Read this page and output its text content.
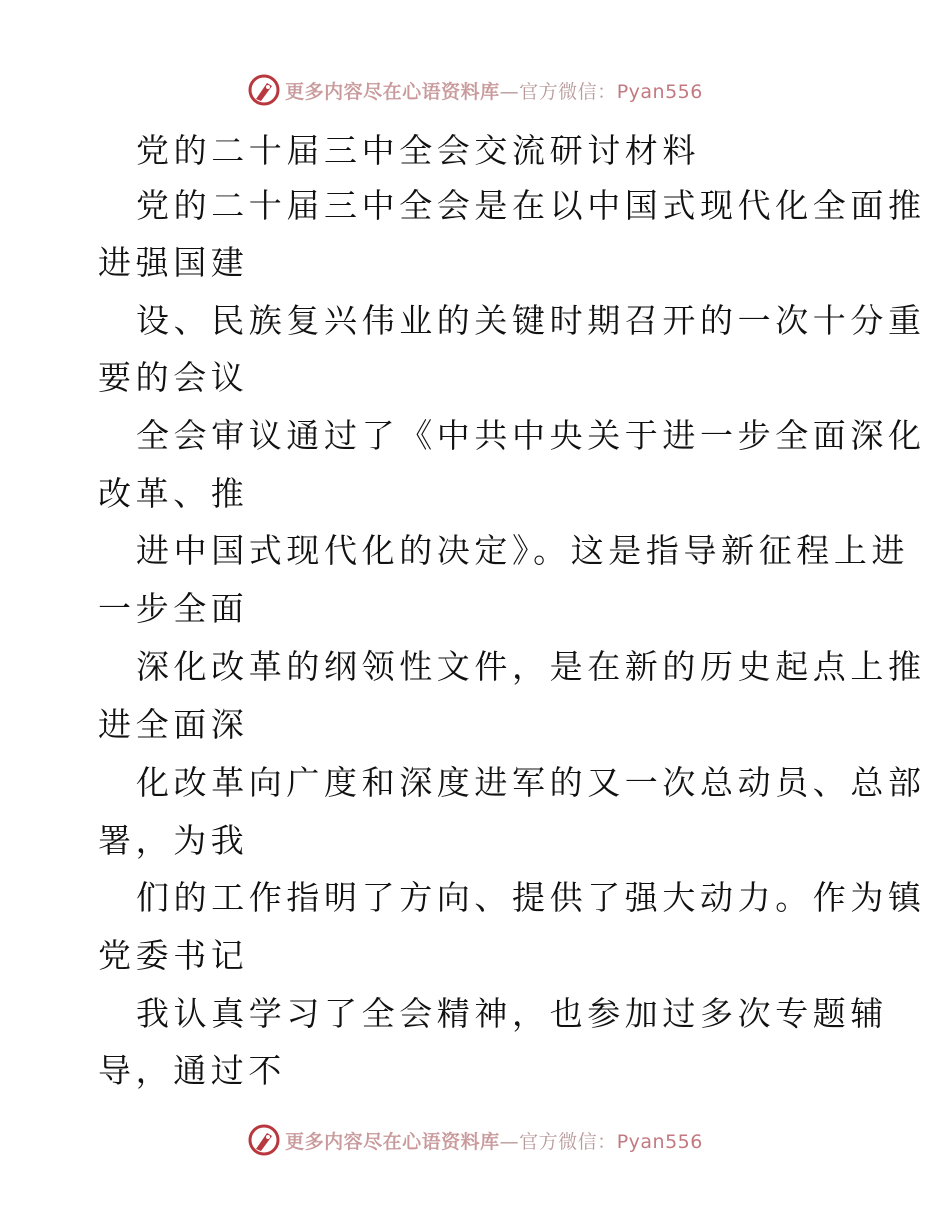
更多内容尽在心语资料库—官方微信：Pyan556
党的二十届三中全会交流研讨材料
党的二十届三中全会是在以中国式现代化全面推
进强国建
设、民族复兴伟业的关键时期召开的一次十分重
要的会议
全会审议通过了《中共中央关于进一步全面深化
改革、推
进中国式现代化的决定》。这是指导新征程上进
一步全面
深化改革的纲领性文件，是在新的历史起点上推
进全面深
化改革向广度和深度进军的又一次总动员、总部
署，为我
们的工作指明了方向、提供了强大动力。作为镇
党委书记
我认真学习了全会精神，也参加过多次专题辅
导，通过不
更多内容尽在心语资料库—官方微信：Pyan556
